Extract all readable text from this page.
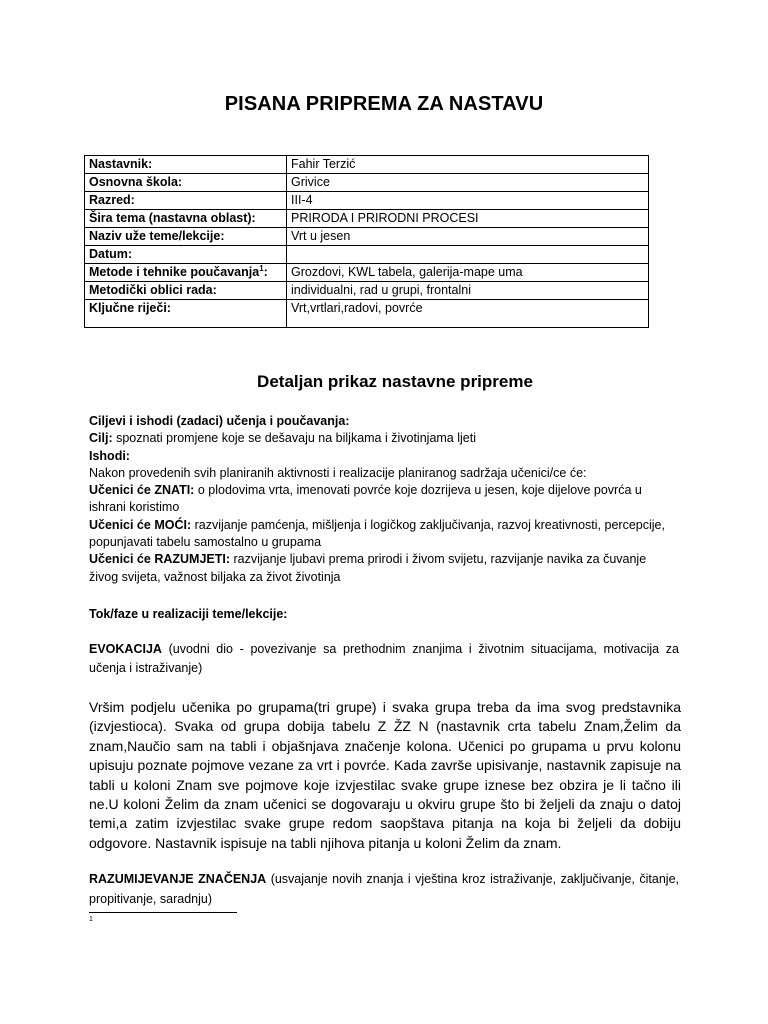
PISANA PRIPREMA ZA NASTAVU
Nastavnik:	Fahir Terzić
Osnovna škola:	Grivice
Razred:	III-4
Šira tema (nastavna oblast):	PRIRODA I PRIRODNI PROCESI
Naziv uže teme/lekcije:	Vrt u jesen
Datum:	
Metode i tehnike poučavanja$^1$:	Grozdovi, KWL tabela, galerija-mape uma
Metodički oblici rada:	individualni, rad u grupi, frontalni
Ključne riječi:	Vrt,vrtlari,radovi, povrće
Detaljan prikaz nastavne pripreme
Ciljevi i ishodi (zadaci) učenja i poučavanja:
Cilj: spoznati promjene koje se dešavaju na biljkama i životinjama ljeti
Ishodi:
Nakon provedenih svih planiranih aktivnosti i realizacije planiranog sadržaja učenici/ce će:
Učenici će ZNATI: o plodovima vrta, imenovati povrće koje dozrijeva u jesen, koje dijelove povrća u ishrani koristimo
Učenici će MOĆI: razvijanje pamćenja, mišljenja i logičkog zaključivanja, razvoj kreativnosti, percepcije, popunjavati tabelu samostalno u grupama
Učenici će RAZUMJETI: razvijanje ljubavi prema prirodi i živom svijetu, razvijanje navika za čuvanje živog svijeta, važnost biljaka za život životinja
Tok/faze u realizaciji teme/lekcije:
EVOKACIJA (uvodni dio - povezivanje sa prethodnim znanjima i životnim situacijama, motivacija za učenja i istraživanje)
Vršim podjelu učenika po grupama(tri grupe) i svaka grupa treba da ima svog predstavnika (izvjestioca). Svaka od grupa dobija tabelu Z ŽZ N (nastavnik crta tabelu Znam,Želim da znam,Naučio sam na tabli i objašnjava značenje kolona. Učenici po grupama u prvu kolonu upisuju poznate pojmove vezane za vrt i povrće. Kada završe upisivanje, nastavnik zapisuje na tabli u koloni Znam sve pojmove koje izvjestilac svake grupe iznese bez obzira je li tačno ili ne.U koloni Želim da znam učenici se dogovaraju u okviru grupe što bi željeli da znaju o datoj temi,a zatim izvjestilac svake grupe redom saopštava pitanja na koja bi željeli da dobiju odgovore. Nastavnik ispisuje na tabli njihova pitanja u koloni Želim da znam.
RAZUMIJEVANJE ZNAČENJA (usvajanje novih znanja i vještina kroz istraživanje, zaključivanje, čitanje, propitivanje, saradnju)
1
